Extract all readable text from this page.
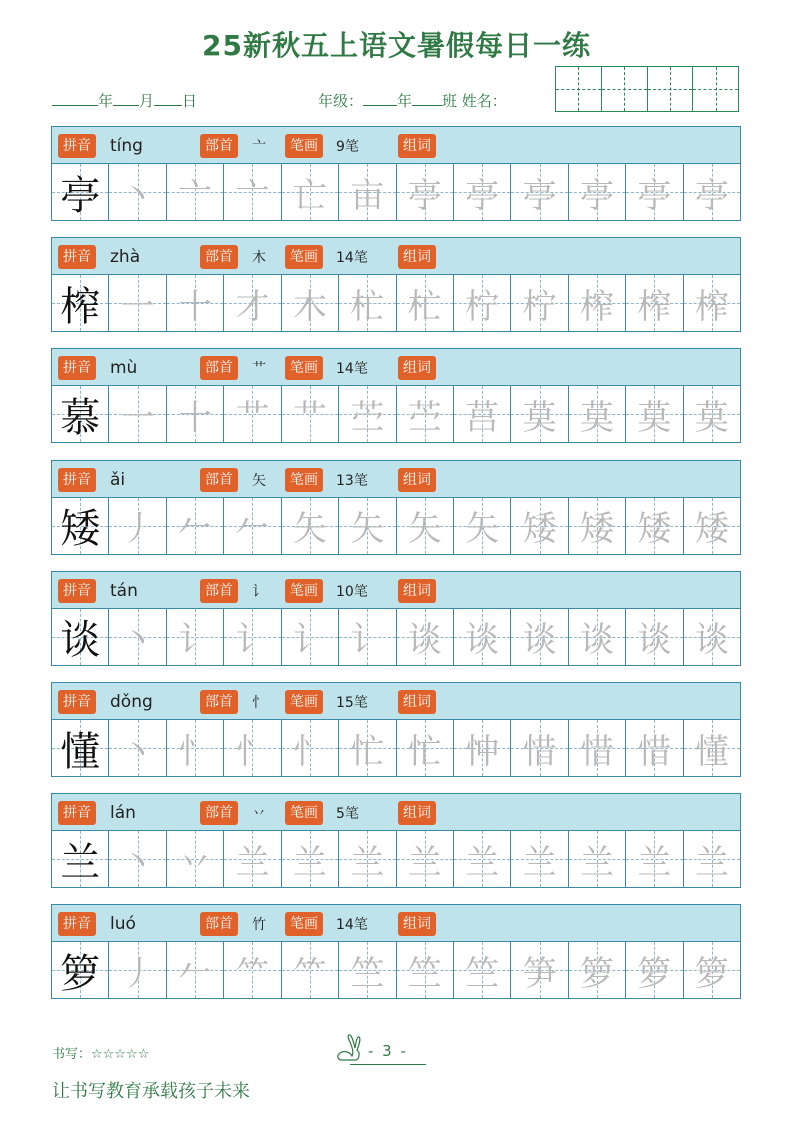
25新秋五上语文暑假每日一练
年 月 日	年级： 年 班 姓名：
拼音 tíng	部首	亠	笔画	9笔	组词
亭 丶 亠 亠 亡 亩 亭 亭 亭 亭 亭 亭
拼音 zhà	部首	木	笔画	14笔	组词
榨 一 十 才 木 杧 杧 柠 柠 榨 榨 榨
拼音 mù	部首	艹	笔画	14笔	组词
慕 一 十 艹 艹 苎 苎 莒 莫 莫 莫 莫
拼音 ǎi	部首	矢	笔画	13笔	组词
矮 丿 𠂉 𠂉 矢 矢 矢 矢 矮 矮 矮 矮
拼音 tán	部首	讠	笔画	10笔	组词
谈 丶 讠 讠 讠 讠 谈 谈 谈 谈 谈 谈
拼音 dǒng	部首	忄	笔画	15笔	组词
懂 丶 忄 忄 忄 忙 忙 忡 惜 惜 惜 懂
拼音 lán	部首	丷	笔画	5笔	组词
兰 丶 丷 兰 兰 兰 兰 兰 兰 兰 兰 兰
拼音 luó	部首	竹	笔画	14笔	组词
箩 丿 𠂉 ⺮ ⺮ 竺 竺 竺 笋 箩 箩 箩
书写：☆☆☆☆☆	- 3 -
让书写教育承载孩子未来
